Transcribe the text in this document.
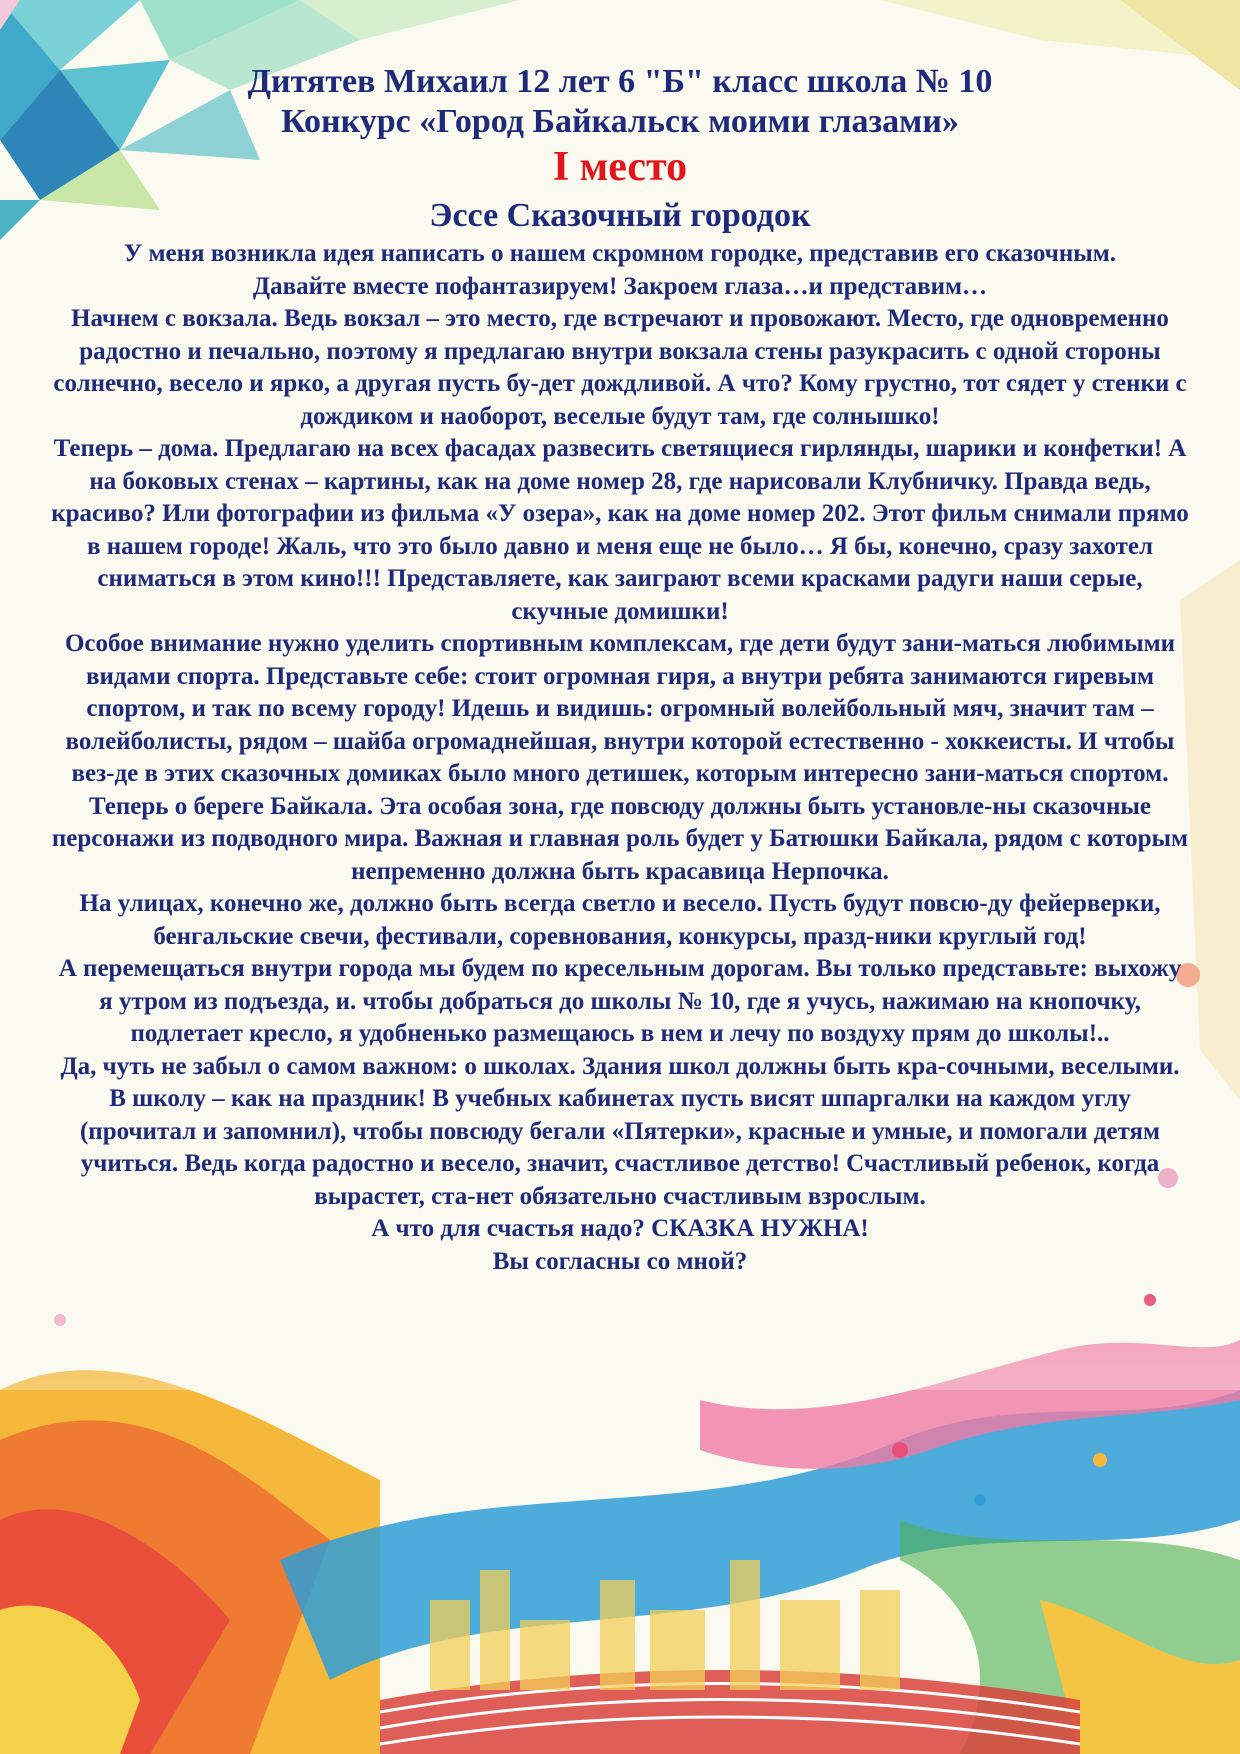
Дитятев Михаил 12 лет 6 "Б" класс школа № 10
Конкурс «Город Байкальск моими глазами»
I место
Эссе Сказочный городок

У меня возникла идея написать о нашем скромном городке, представив его сказочным.

Давайте вместе пофантазируем! Закроем глаза…и представим…

Начнем с вокзала. Ведь вокзал – это место, где встречают и провожают. Место, где одновременно радостно и печально, поэтому я предлагаю внутри вокзала стены разукрасить с одной стороны солнечно, весело и ярко, а другая пусть бу-дет дождливой. А что? Кому грустно, тот сядет у стенки с дождиком и наоборот, веселые будут там, где солнышко!

Теперь – дома. Предлагаю на всех фасадах развесить светящиеся гирлянды, шарики и конфетки! А на боковых стенах – картины, как на доме номер 28, где нарисовали Клубничку. Правда ведь, красиво? Или фотографии из фильма «У озера», как на доме номер 202. Этот фильм снимали прямо в нашем городе! Жаль, что это было давно и меня еще не было… Я бы, конечно, сразу захотел сниматься в этом кино!!! Представляете, как заиграют всеми красками радуги наши серые, скучные домишки!

Особое внимание нужно уделить спортивным комплексам, где дети будут зани-маться любимыми видами спорта. Представьте себе: стоит огромная гиря, а внутри ребята занимаются гиревым спортом, и так по всему городу! Идешь и видишь: огромный волейбольный мяч, значит там – волейболисты, рядом – шайба огромаднейшая, внутри которой естественно - хоккеисты. И чтобы вез-де в этих сказочных домиках было много детишек, которым интересно зани-маться спортом.

Теперь о береге Байкала. Эта особая зона, где повсюду должны быть установле-ны сказочные персонажи из подводного мира. Важная и главная роль будет у Батюшки Байкала, рядом с которым непременно должна быть красавица Нерпочка.

На улицах, конечно же, должно быть всегда светло и весело. Пусть будут повсю-ду фейерверки, бенгальские свечи, фестивали, соревнования, конкурсы, празд-ники круглый год!

А перемещаться внутри города мы будем по кресельным дорогам. Вы только представьте: выхожу я утром из подъезда, и. чтобы добраться до школы № 10, где я учусь, нажимаю на кнопочку, подлетает кресло, я удобненько размещаюсь в нем и лечу по воздуху прям до школы!..

Да, чуть не забыл о самом важном: о школах. Здания школ должны быть кра-сочными, веселыми. В школу – как на праздник! В учебных кабинетах пусть висят шпаргалки на каждом углу (прочитал и запомнил), чтобы повсюду бегали «Пятерки», красные и умные, и помогали детям учиться. Ведь когда радостно и весело, значит, счастливое детство! Счастливый ребенок, когда вырастет, ста-нет обязательно счастливым взрослым.

А что для счастья надо? СКАЗКА НУЖНА!

Вы согласны со мной?
